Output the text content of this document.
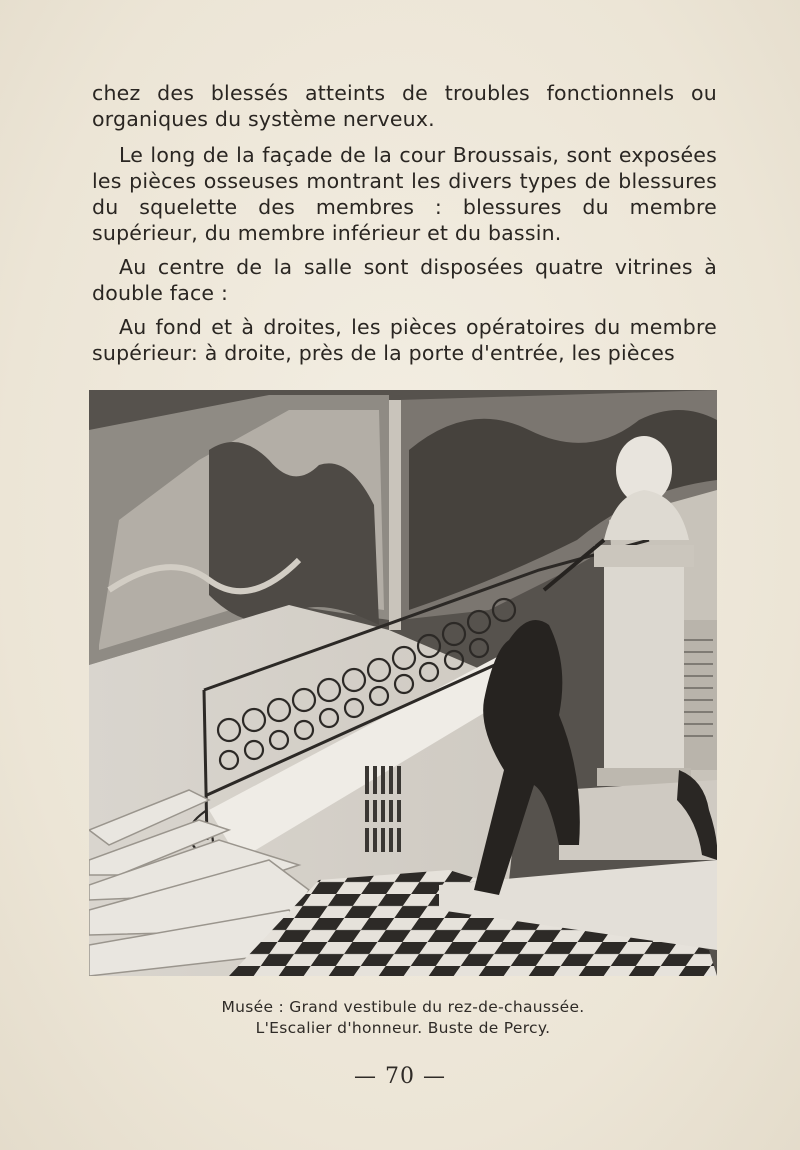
chez des blessés atteints de troubles fonctionnels ou organiques du système nerveux.

Le long de la façade de la cour Broussais, sont exposées les pièces osseuses montrant les divers types de blessures du squelette des membres : blessures du membre supérieur, du membre inférieur et du bassin.

Au centre de la salle sont disposées quatre vitrines à double face :

Au fond et à droites, les pièces opératoires du membre supérieur: à droite, près de la porte d'entrée, les pièces

Musée : Grand vestibule du rez-de-chaussée.
L'Escalier d'honneur. Buste de Percy.
— 70 —
